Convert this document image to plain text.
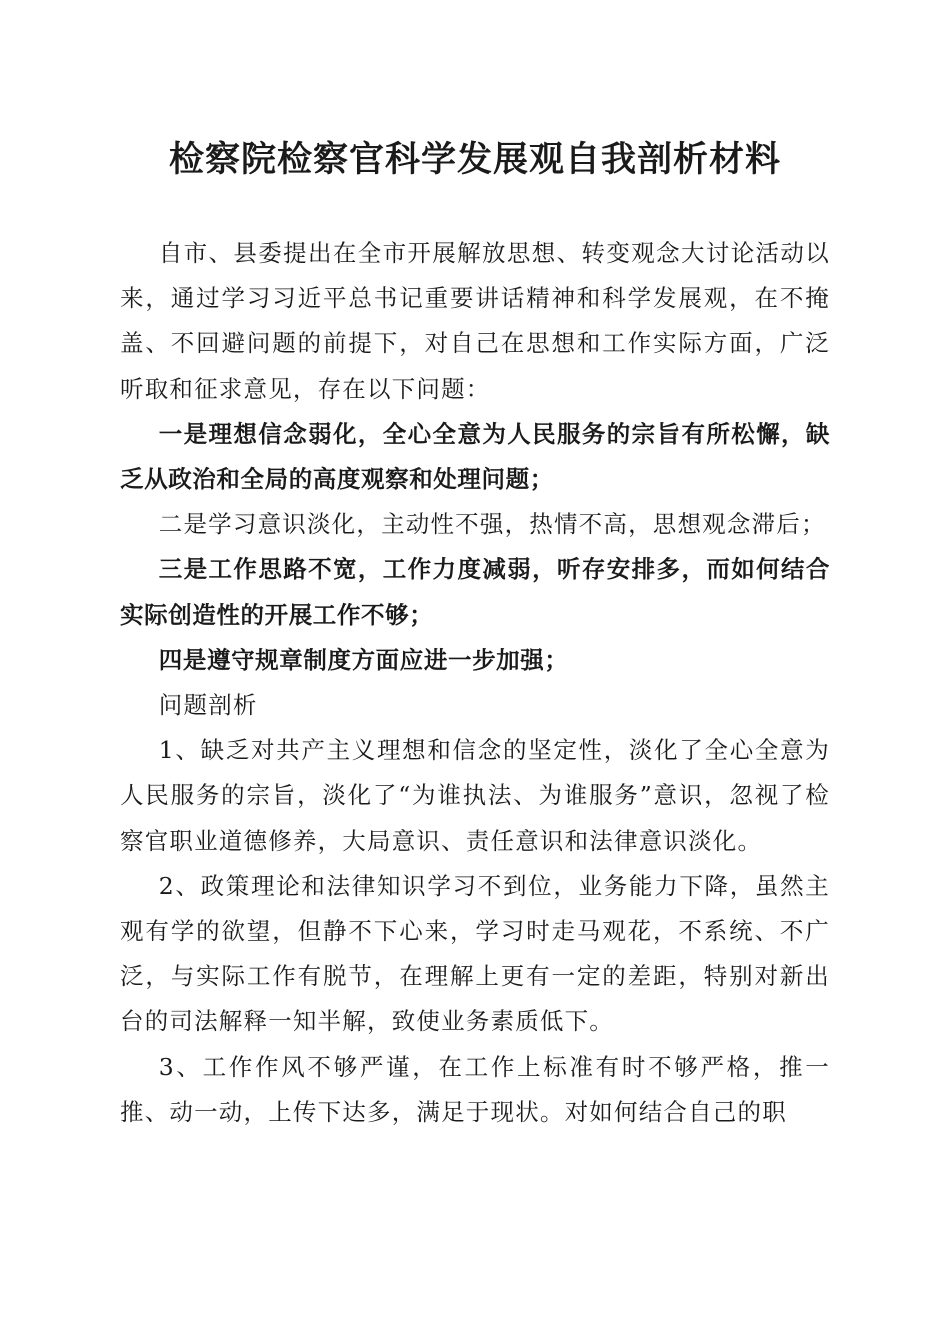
检察院检察官科学发展观自我剖析材料

自市、县委提出在全市开展解放思想、转变观念大讨论活动以来，通过学习习近平总书记重要讲话精神和科学发展观，在不掩盖、不回避问题的前提下，对自己在思想和工作实际方面，广泛听取和征求意见，存在以下问题：

一是理想信念弱化，全心全意为人民服务的宗旨有所松懈，缺乏从政治和全局的高度观察和处理问题；

二是学习意识淡化，主动性不强，热情不高，思想观念滞后；

三是工作思路不宽，工作力度减弱，听存安排多，而如何结合实际创造性的开展工作不够；

四是遵守规章制度方面应进一步加强；

问题剖析

1、缺乏对共产主义理想和信念的坚定性，淡化了全心全意为人民服务的宗旨，淡化了“为谁执法、为谁服务”意识，忽视了检察官职业道德修养，大局意识、责任意识和法律意识淡化。

2、政策理论和法律知识学习不到位，业务能力下降，虽然主观有学的欲望，但静不下心来，学习时走马观花，不系统、不广泛，与实际工作有脱节，在理解上更有一定的差距，特别对新出台的司法解释一知半解，致使业务素质低下。

3、工作作风不够严谨，在工作上标准有时不够严格，推一推、动一动，上传下达多，满足于现状。对如何结合自己的职
